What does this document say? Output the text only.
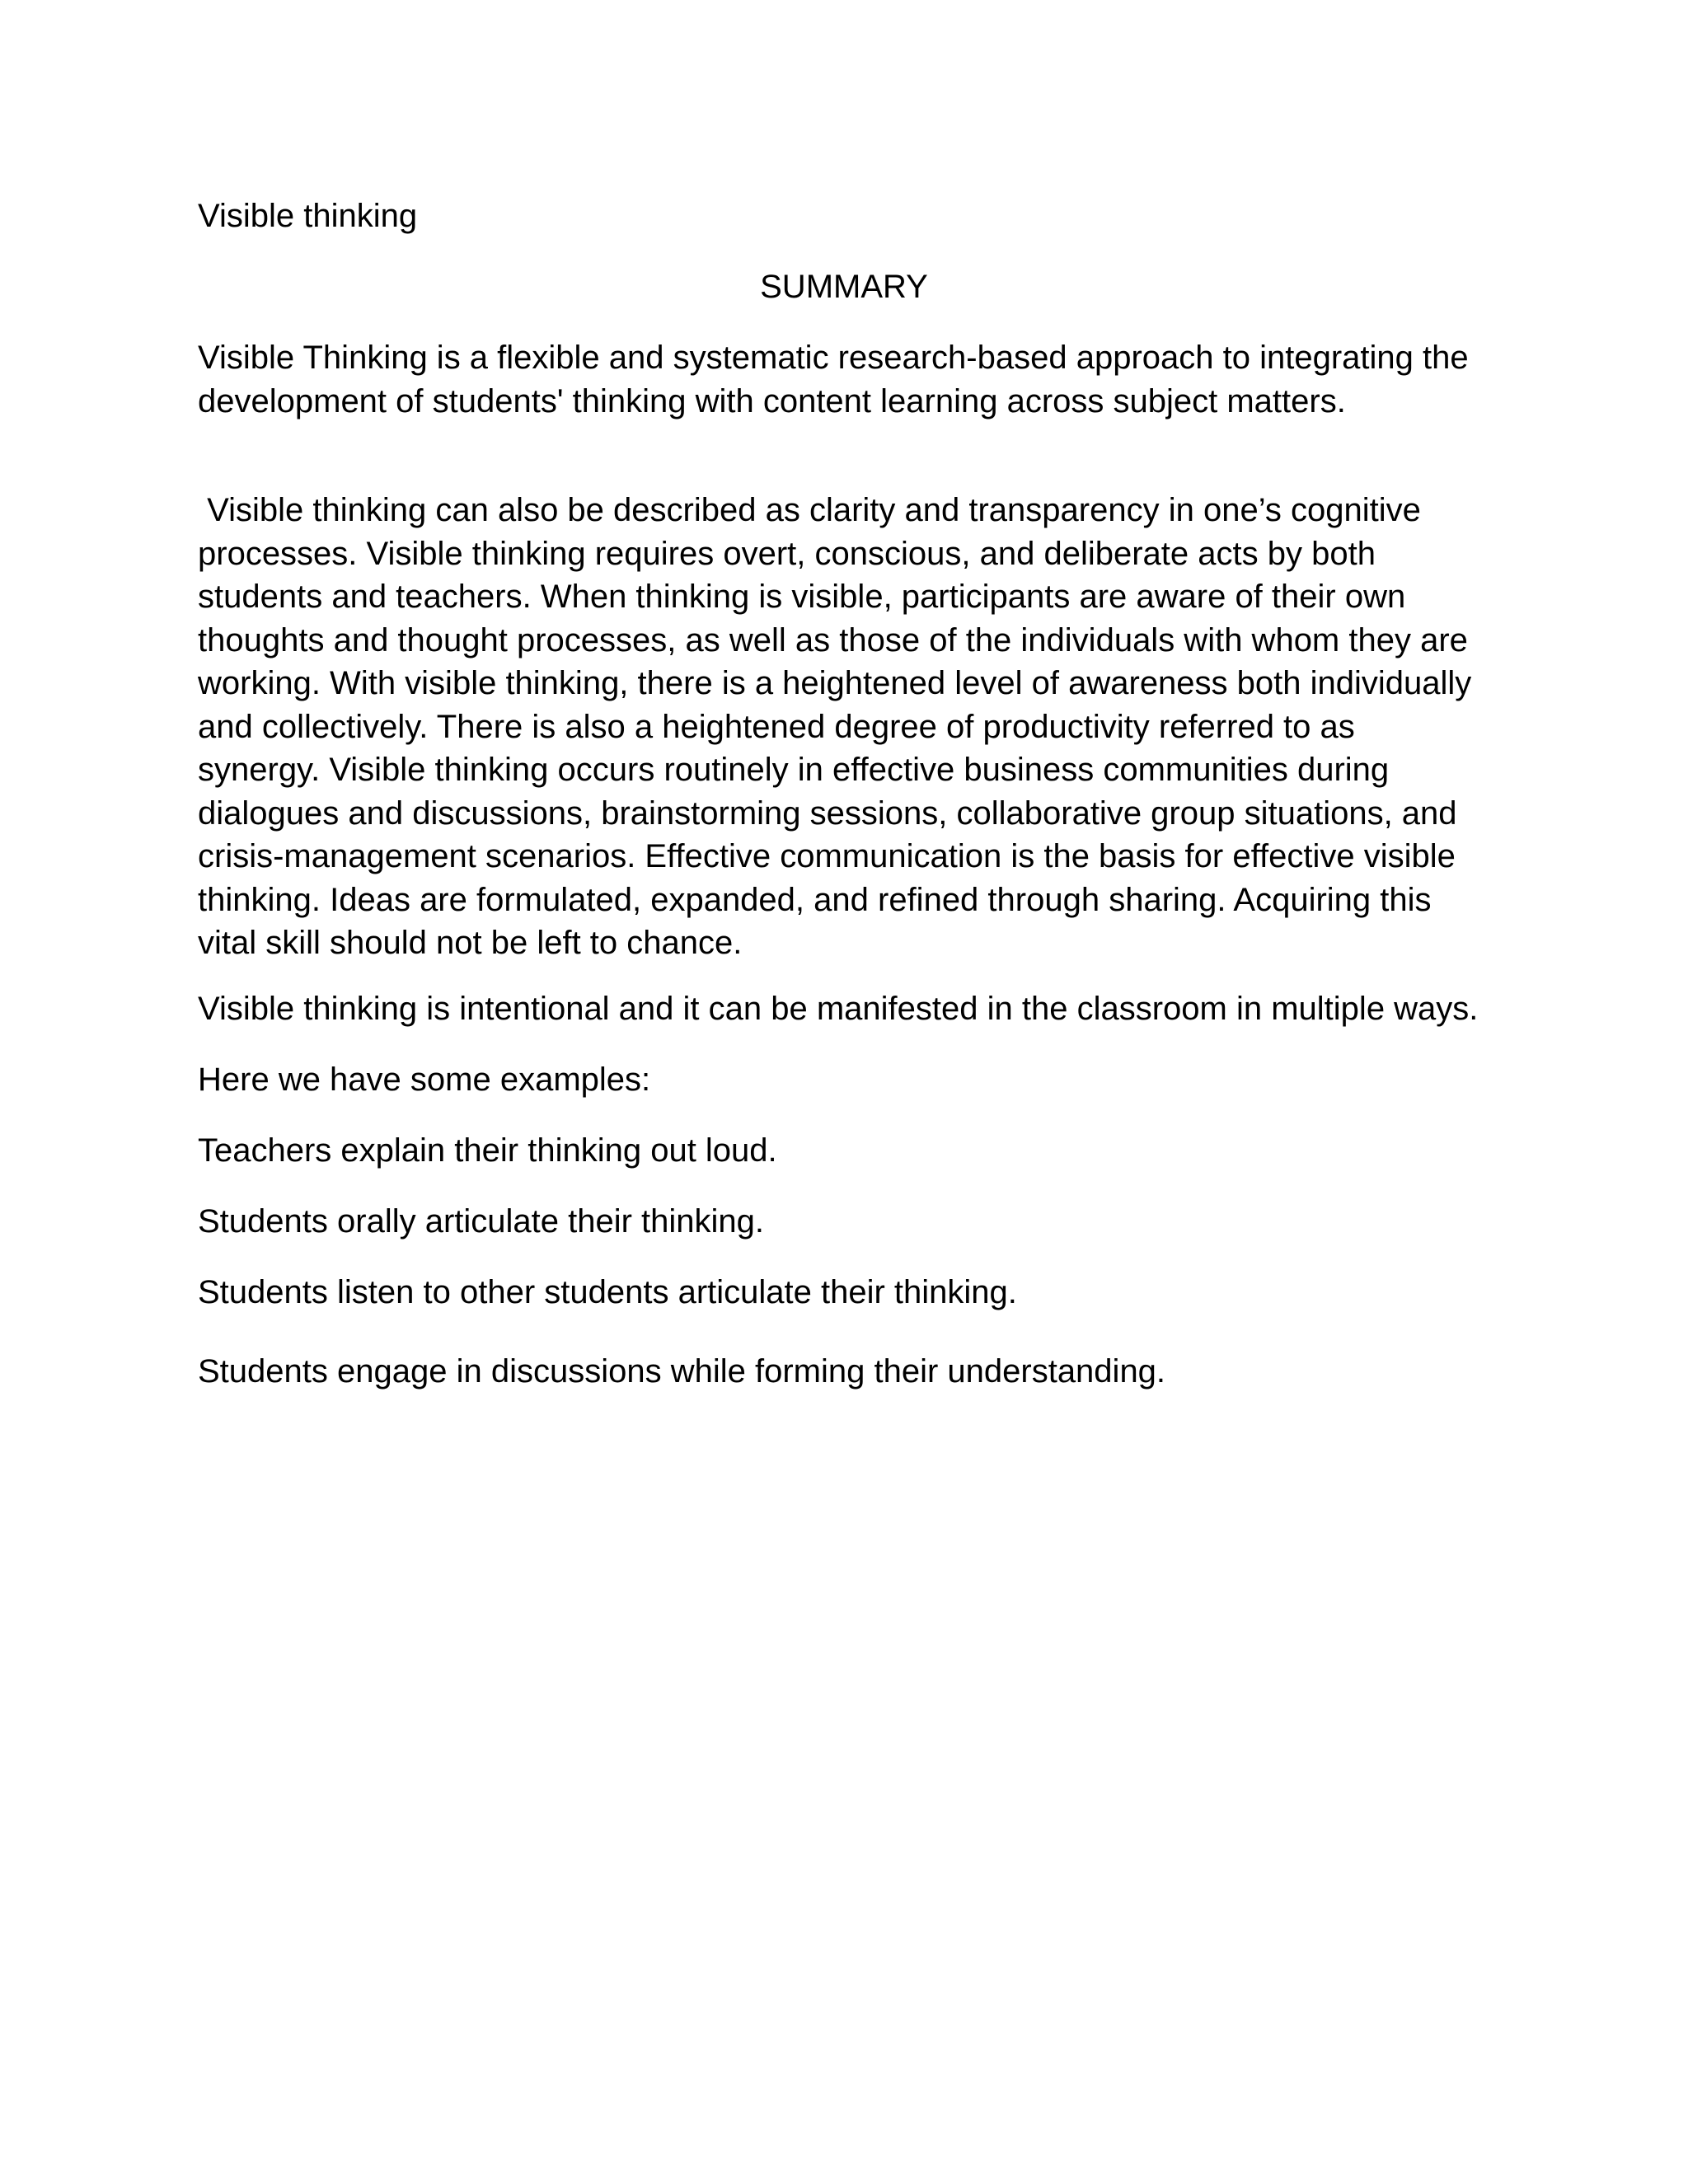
Visible thinking

SUMMARY

Visible Thinking is a flexible and systematic research-based approach to integrating the development of students' thinking with content learning across subject matters.

Visible thinking can also be described as clarity and transparency in one’s cognitive processes. Visible thinking requires overt, conscious, and deliberate acts by both students and teachers. When thinking is visible, participants are aware of their own thoughts and thought processes, as well as those of the individuals with whom they are working. With visible thinking, there is a heightened level of awareness both individually and collectively. There is also a heightened degree of productivity referred to as synergy. Visible thinking occurs routinely in effective business communities during dialogues and discussions, brainstorming sessions, collaborative group situations, and crisis-management scenarios. Effective communication is the basis for effective visible thinking. Ideas are formulated, expanded, and refined through sharing. Acquiring this vital skill should not be left to chance.

Visible thinking is intentional and it can be manifested in the classroom in multiple ways.

Here we have some examples:

Teachers explain their thinking out loud.

Students orally articulate their thinking.

Students listen to other students articulate their thinking.

Students engage in discussions while forming their understanding.
